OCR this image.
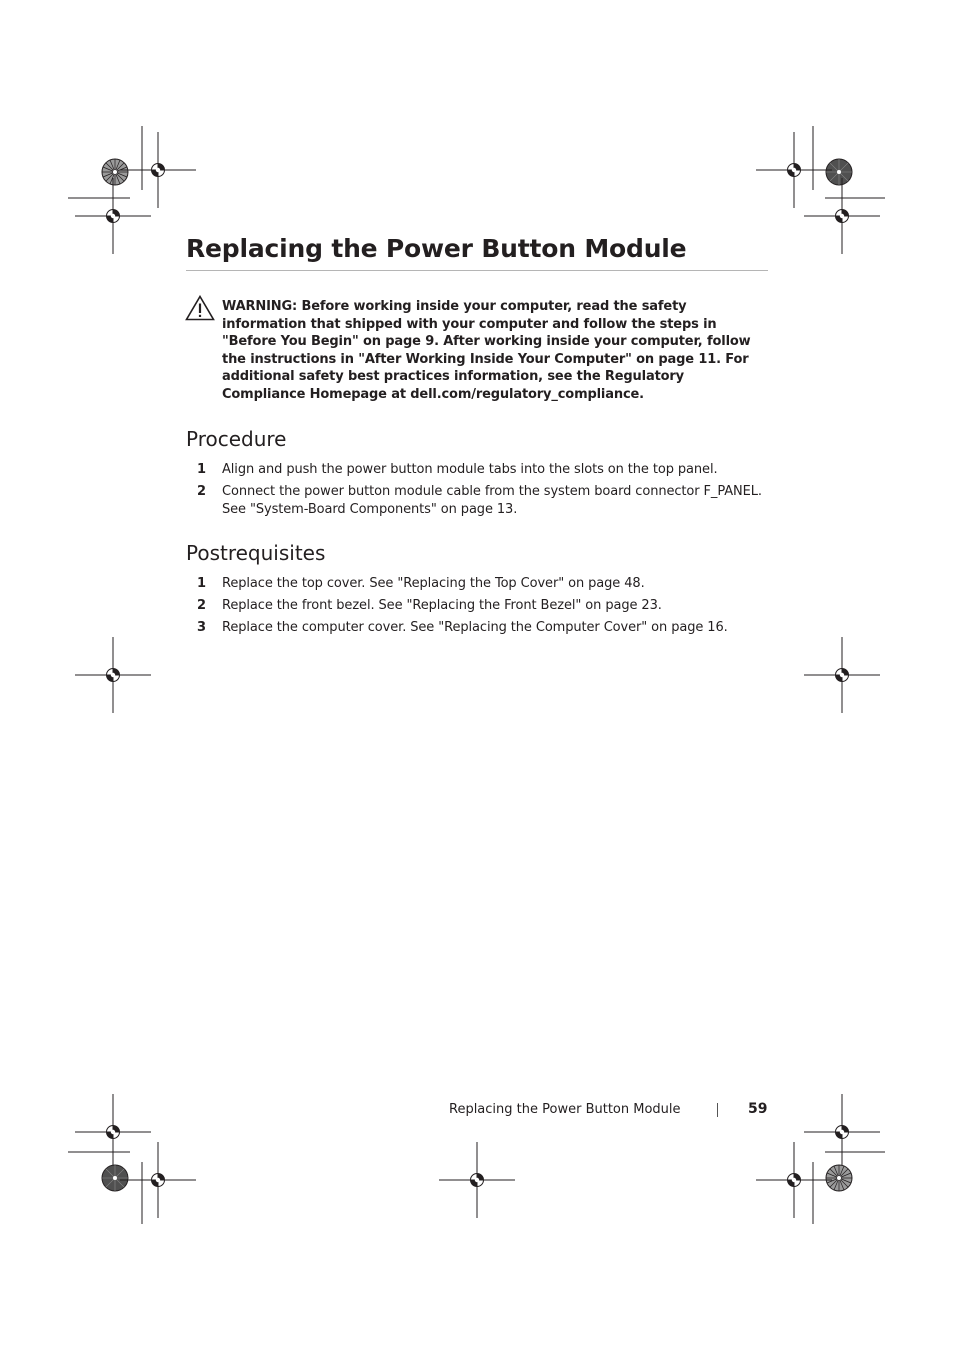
Replacing the Power Button Module

WARNING: Before working inside your computer, read the safety information that shipped with your computer and follow the steps in "Before You Begin" on page 9. After working inside your computer, follow the instructions in "After Working Inside Your Computer" on page 11. For additional safety best practices information, see the Regulatory Compliance Homepage at dell.com/regulatory_compliance.

Procedure
1	Align and push the power button module tabs into the slots on the top panel.
2	Connect the power button module cable from the system board connector F_PANEL. See "System-Board Components" on page 13.
Postrequisites
1	Replace the top cover. See "Replacing the Top Cover" on page 48.
2	Replace the front bezel. See "Replacing the Front Bezel" on page 23.
3	Replace the computer cover. See "Replacing the Computer Cover" on page 16.
Replacing the Power Button Module	59
